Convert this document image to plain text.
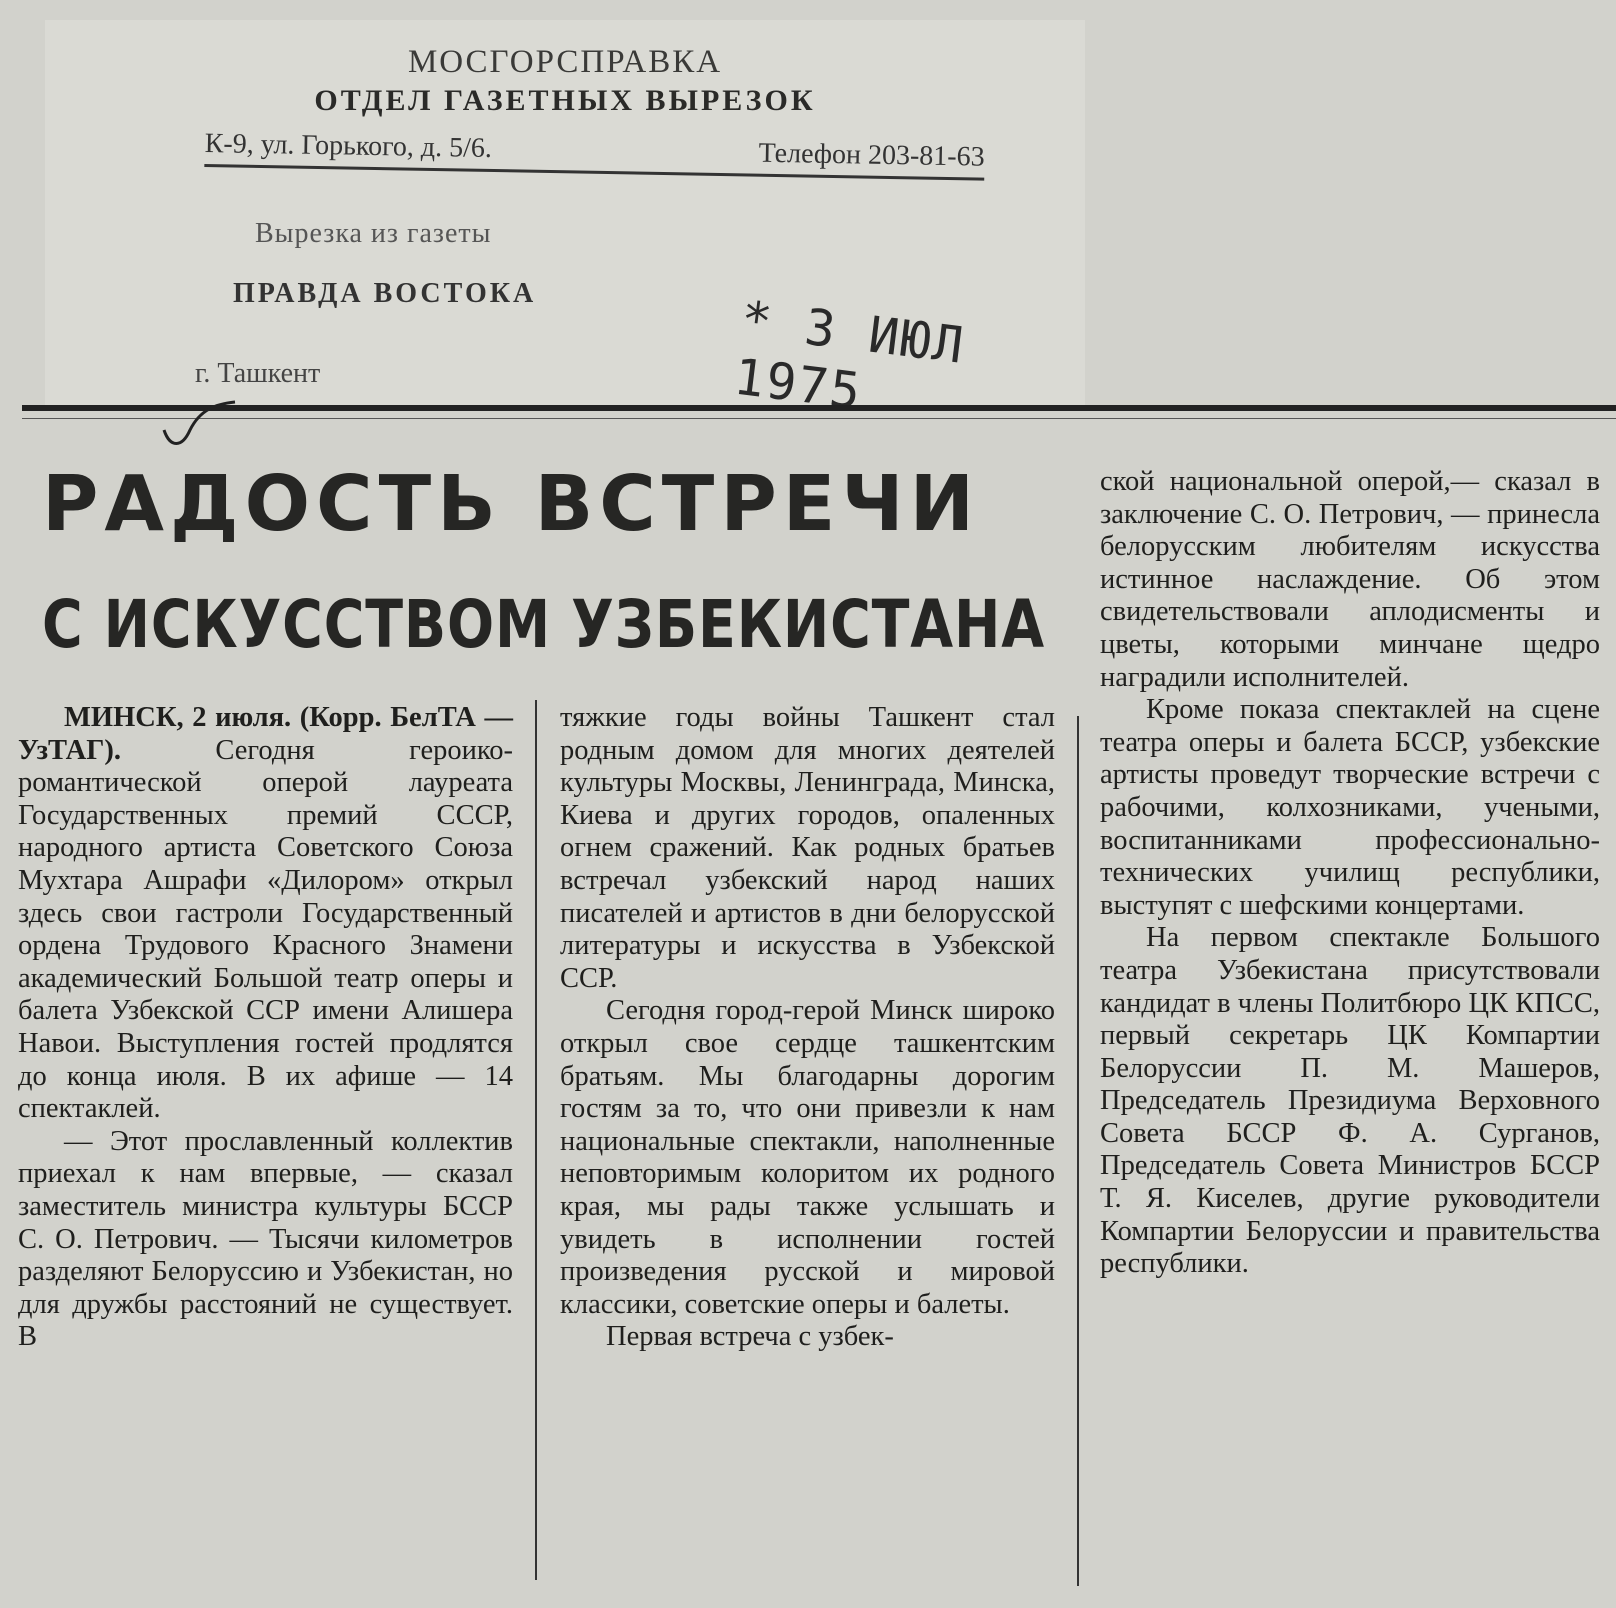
МОСГОРСПРАВКА
ОТДЕЛ ГАЗЕТНЫХ ВЫРЕЗОК
К-9, ул. Горького, д. 5/6.	Телефон 203-81-63
Вырезка из газеты
ПРАВДА ВОСТОКА
г. Ташкент	* 3 ИЮЛ 1975
РАДОСТЬ ВСТРЕЧИ
С ИСКУССТВОМ УЗБЕКИСТАНА

МИНСК, 2 июля. (Корр. БелТА — УзТАГ).	Сегодня героико-романтической оперой лауреата Государственных премий СССР, народного артиста Советского Союза Мухтара Ашрафи «Дилором» открыл здесь свои гастроли Государственный ордена Трудового Красного Знамени академический Большой театр оперы и балета Узбекской ССР имени Алишера Навои. Выступления гостей продлятся до конца июля. В их афише — 14 спектаклей.

— Этот прославленный коллектив приехал к нам впервые, — сказал заместитель министра культуры БССР С. О. Петрович. — Тысячи километров разделяют Белоруссию и Узбекистан, но для дружбы расстояний не существует. В

тяжкие годы войны Ташкент стал родным домом для многих деятелей культуры Москвы, Ленинграда, Минска, Киева и других городов, опаленных огнем сражений. Как родных братьев встречал узбекский народ наших писателей и артистов в дни белорусской литературы и искусства в Узбекской ССР.

Сегодня город-герой Минск широко открыл свое сердце ташкентским братьям. Мы благодарны дорогим гостям за то, что они привезли к нам национальные спектакли, наполненные неповторимым колоритом их родного края, мы рады также услышать и увидеть в исполнении гостей произведения русской и мировой классики, советские оперы и балеты.

Первая встреча с узбек-

ской национальной оперой,— сказал в заключение С. О. Петрович, — принесла белорусским любителям искусства истинное наслаждение. Об этом свидетельствовали аплодисменты и цветы, которыми минчане щедро наградили исполнителей.

Кроме показа спектаклей на сцене театра оперы и балета БССР, узбекские артисты проведут творческие встречи с рабочими, колхозниками, учеными, воспитанниками профессионально-технических училищ республики, выступят с шефскими концертами.

На первом спектакле Большого театра Узбекистана присутствовали кандидат в члены Политбюро ЦК КПСС, первый секретарь ЦК Компартии Белоруссии П. М. Машеров, Председатель Президиума Верховного Совета БССР Ф. А. Сурганов, Председатель Совета Министров БССР Т. Я. Киселев, другие руководители Компартии Белоруссии и правительства республики.
